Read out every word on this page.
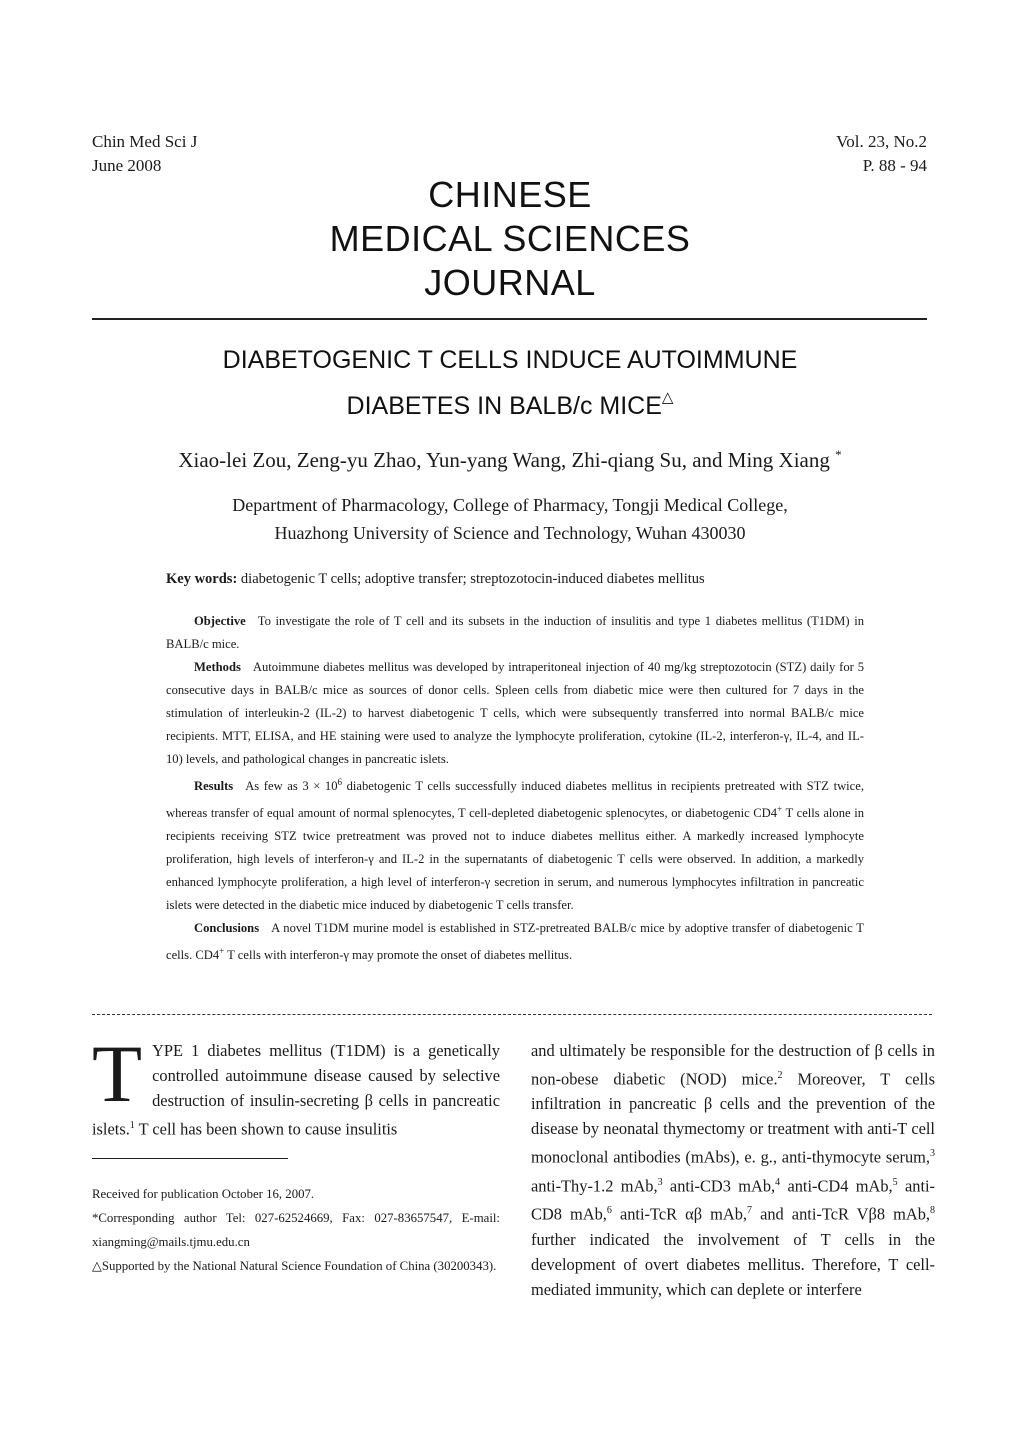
Chin Med Sci J
June 2008
Vol. 23, No.2
P. 88 - 94
CHINESE
MEDICAL SCIENCES
JOURNAL
DIABETOGENIC T CELLS INDUCE AUTOIMMUNE
DIABETES IN BALB/c MICE△
Xiao-lei Zou, Zeng-yu Zhao, Yun-yang Wang, Zhi-qiang Su, and Ming Xiang *
Department of Pharmacology, College of Pharmacy, Tongji Medical College,
Huazhong University of Science and Technology, Wuhan 430030
Key words: diabetogenic T cells; adoptive transfer; streptozotocin-induced diabetes mellitus

Objective To investigate the role of T cell and its subsets in the induction of insulitis and type 1 diabetes mellitus (T1DM) in BALB/c mice.

Methods Autoimmune diabetes mellitus was developed by intraperitoneal injection of 40 mg/kg streptozotocin (STZ) daily for 5 consecutive days in BALB/c mice as sources of donor cells. Spleen cells from diabetic mice were then cultured for 7 days in the stimulation of interleukin-2 (IL-2) to harvest diabetogenic T cells, which were subsequently transferred into normal BALB/c mice recipients. MTT, ELISA, and HE staining were used to analyze the lymphocyte proliferation, cytokine (IL-2, interferon-γ, IL-4, and IL-10) levels, and pathological changes in pancreatic islets.

Results As few as $3 \times 10^6$ diabetogenic T cells successfully induced diabetes mellitus in recipients pretreated with STZ twice, whereas transfer of equal amount of normal splenocytes, T cell-depleted diabetogenic splenocytes, or diabetogenic CD4+ T cells alone in recipients receiving STZ twice pretreatment was proved not to induce diabetes mellitus either. A markedly increased lymphocyte proliferation, high levels of interferon-γ and IL-2 in the supernatants of diabetogenic T cells were observed. In addition, a markedly enhanced lymphocyte proliferation, a high level of interferon-γ secretion in serum, and numerous lymphocytes infiltration in pancreatic islets were detected in the diabetic mice induced by diabetogenic T cells transfer.

Conclusions A novel T1DM murine model is established in STZ-pretreated BALB/c mice by adoptive transfer of diabetogenic T cells. CD4+ T cells with interferon-γ may promote the onset of diabetes mellitus.

TYPE 1 diabetes mellitus (T1DM) is a genetically controlled autoimmune disease caused by selective destruction of insulin-secreting β cells in pancreatic islets.$^1$ T cell has been shown to cause insulitis

Received for publication October 16, 2007.

*Corresponding author Tel: 027-62524669, Fax: 027-83657547, E-mail: xiangming@mails.tjmu.edu.cn

△Supported by the National Natural Science Foundation of China (30200343).

and ultimately be responsible for the destruction of β cells in non-obese diabetic (NOD) mice.$^2$ Moreover, T cells infiltration in pancreatic β cells and the prevention of the disease by neonatal thymectomy or treatment with anti-T cell monoclonal antibodies (mAbs), e. g., anti-thymocyte serum,$^3$ anti-Thy-1.2 mAb,$^3$ anti-CD3 mAb,$^4$ anti-CD4 mAb,$^5$ anti-CD8 mAb,$^6$ anti-TcR αβ mAb,$^7$ and anti-TcR Vβ8 mAb,$^8$ further indicated the involvement of T cells in the development of overt diabetes mellitus. Therefore, T cell-mediated immunity, which can deplete or interfere
